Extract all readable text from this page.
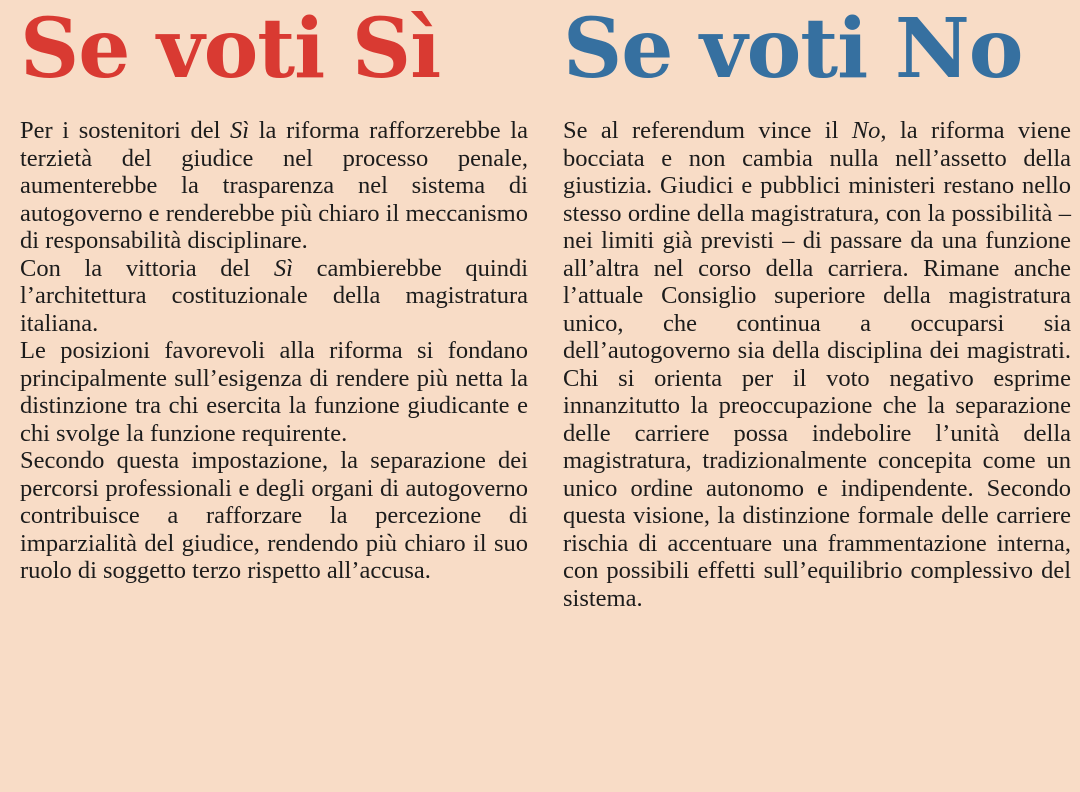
Se voti Sì

Per i sostenitori del Sì la riforma rafforzerebbe la terzietà del giudice nel processo penale, aumenterebbe la trasparenza nel sistema di autogoverno e renderebbe più chiaro il meccanismo di responsabilità disciplinare.

Con la vittoria del Sì cambierebbe quindi l’architettura costituzionale della magistratura italiana.

Le posizioni favorevoli alla riforma si fondano principalmente sull’esigenza di rendere più netta la distinzione tra chi esercita la funzione giudicante e chi svolge la funzione requirente.

Secondo questa impostazione, la separazione dei percorsi professionali e degli organi di autogoverno contribuisce a rafforzare la percezione di imparzialità del giudice, rendendo più chiaro il suo ruolo di soggetto terzo rispetto all’accusa.

Se voti No

Se al referendum vince il No, la riforma viene bocciata e non cambia nulla nell’assetto della giustizia. Giudici e pubblici ministeri restano nello stesso ordine della magistratura, con la possibilità – nei limiti già previsti – di passare da una funzione all’altra nel corso della carriera. Rimane anche l’attuale Consiglio superiore della magistratura unico, che continua a occuparsi sia dell’autogoverno sia della disciplina dei magistrati. Chi si orienta per il voto negativo esprime innanzitutto la preoccupazione che la separazione delle carriere possa indebolire l’unità della magistratura, tradizionalmente concepita come un unico ordine autonomo e indipendente. Secondo questa visione, la distinzione formale delle carriere rischia di accentuare una frammentazione interna, con possibili effetti sull’equilibrio complessivo del sistema.
